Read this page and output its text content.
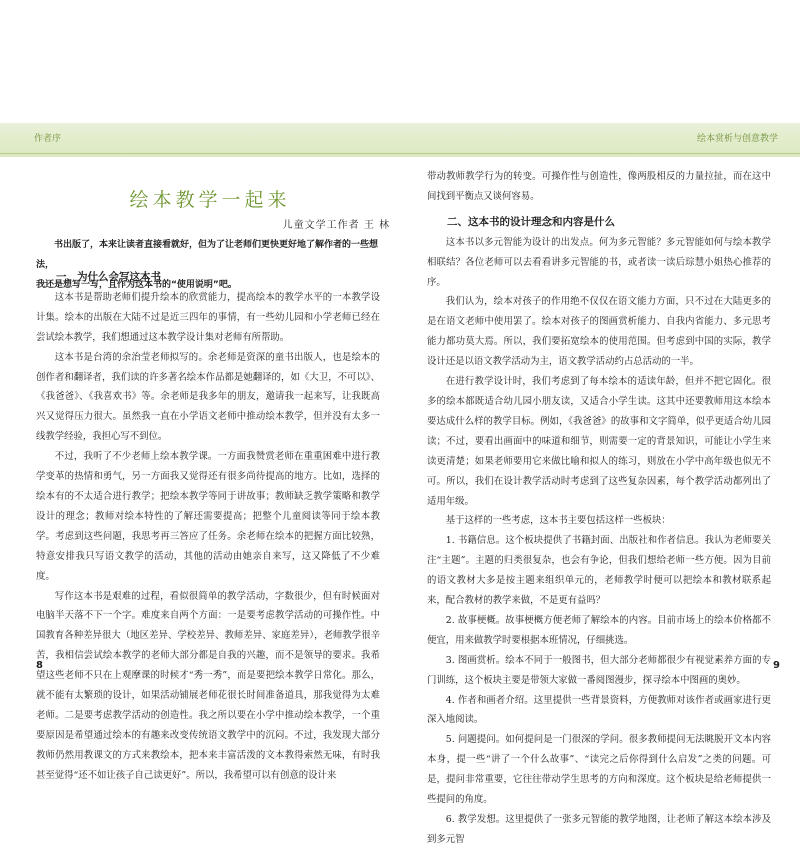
作者序	绘本赏析与创意教学
绘本教学一起来
儿童文学工作者 王 林
书出版了，本来让读者直接看就好，但为了让老师们更快更好地了解作者的一些想法，
我还是想写一写，且作为这本书的“使用说明”吧。
一、为什么会写这本书

这本书是帮助老师们提升绘本的欣赏能力，提高绘本的教学水平的一本教学设计集。绘本的出版在大陆不过是近三四年的事情，有一些幼儿园和小学老师已经在尝试绘本教学，我们想通过这本教学设计集对老师有所帮助。

这本书是台湾的余治莹老师拟写的。余老师是资深的童书出版人，也是绘本的创作者和翻译者，我们读的许多著名绘本作品都是她翻译的，如《大卫，不可以》、《我爸爸》、《我喜欢书》等。余老师是我多年的朋友，邀请我一起来写，让我既高兴又觉得压力很大。虽然我一直在小学语文老师中推动绘本教学，但并没有太多一线教学经验，我担心写不到位。

不过，我听了不少老师上绘本教学课。一方面我赞赏老师在重重困难中进行教学变革的热情和勇气，另一方面我又觉得还有很多尚待提高的地方。比如，选择的绘本有的不太适合进行教学；把绘本教学等同于讲故事；教师缺乏教学策略和教学设计的理念；教师对绘本特性的了解还需要提高；把整个儿童阅读等同于绘本教学。考虑到这些问题，我思考再三答应了任务。余老师在绘本的把握方面比较熟，特意安排我只写语文教学的活动，其他的活动由她亲自来写，这又降低了不少难度。

写作这本书是艰难的过程，看似很简单的教学活动，字数很少，但有时候面对电脑半天落不下一个字。难度来自两个方面：一是要考虑教学活动的可操作性。中国教育各种差异很大（地区差异、学校差异、教师差异、家庭差异），老师教学很辛苦，我相信尝试绘本教学的老师大部分都是自我的兴趣，而不是领导的要求。我希望这些老师不只在上观摩课的时候才“秀一秀”，而是要把绘本教学日常化。那么，就不能有太繁琐的设计，如果活动铺展老师花很长时间准备道具，那我觉得为太难老师。二是要考虑教学活动的创造性。我之所以要在小学中推动绘本教学，一个重要原因是希望通过绘本的有趣来改变传统语文教学中的沉闷。不过，我发现大部分教师仍然用教课文的方式来教绘本，把本来丰富活泼的文本教得索然无味，有时我甚至觉得“还不如让孩子自己读更好”。所以，我希望可以有创意的设计来

带动教师教学行为的转变。可操作性与创造性，像两股相反的力量拉扯，而在这中间找到平衡点又谈何容易。

二、这本书的设计理念和内容是什么

这本书以多元智能为设计的出发点。何为多元智能？多元智能如何与绘本教学相联结？各位老师可以去看看讲多元智能的书，或者读一读后琮慧小姐热心推荐的序。

我们认为，绘本对孩子的作用绝不仅仅在语文能力方面，只不过在大陆更多的是在语文老师中使用罢了。绘本对孩子的图画赏析能力、自我内省能力、多元思考能力都功莫大焉。所以，我们要拓宽绘本的使用范围。但考虑到中国的实际，教学设计还是以语文教学活动为主，语文教学活动约占总活动的一半。

在进行教学设计时，我们考虑到了每本绘本的适读年龄，但并不把它固化。很多的绘本都既适合幼儿园小朋友读，又适合小学生读。这其中还要教师用这本绘本要达成什么样的教学目标。例如，《我爸爸》的故事和文字简单，似乎更适合幼儿园读；不过，要看出画面中的味道和细节，则需要一定的背景知识，可能让小学生来读更清楚；如果老师要用它来做比喻和拟人的练习，则放在小学中高年级也似无不可。所以，我们在设计教学活动时考虑到了这些复杂因素，每个教学活动都列出了适用年级。

基于这样的一些考虑，这本书主要包括这样一些板块：

1. 书籍信息。这个板块提供了书籍封面、出版社和作者信息。我认为老师要关注“主题”。主题的归类很复杂，也会有争论，但我们想给老师一些方便。因为目前的语文教材大多是按主题来组织单元的，老师教学时便可以把绘本和教材联系起来，配合教材的教学来做，不是更有益吗？

2. 故事梗概。故事梗概方便老师了解绘本的内容。目前市场上的绘本价格都不便宜，用来做教学时要根据本班情况，仔细挑选。

3. 图画赏析。绘本不同于一般图书，但大部分老师都很少有视觉素养方面的专门训练，这个板块主要是带领大家做一番阅图漫步，探寻绘本中图画的奥妙。

4. 作者和画者介绍。这里提供一些背景资料，方便教师对该作者或画家进行更深入地阅读。

5. 问题提问。如何提问是一门很深的学问。很多教师提问无法眺脱开文本内容本身，提一些“讲了一个什么故事”、“读完之后你得到什么启发”之类的问题。可是，提问非常重要，它往往带动学生思考的方向和深度。这个板块是给老师提供一些提问的角度。

6. 教学发想。这里提供了一张多元智能的教学地图，让老师了解这本绘本涉及到多元智

8	9
